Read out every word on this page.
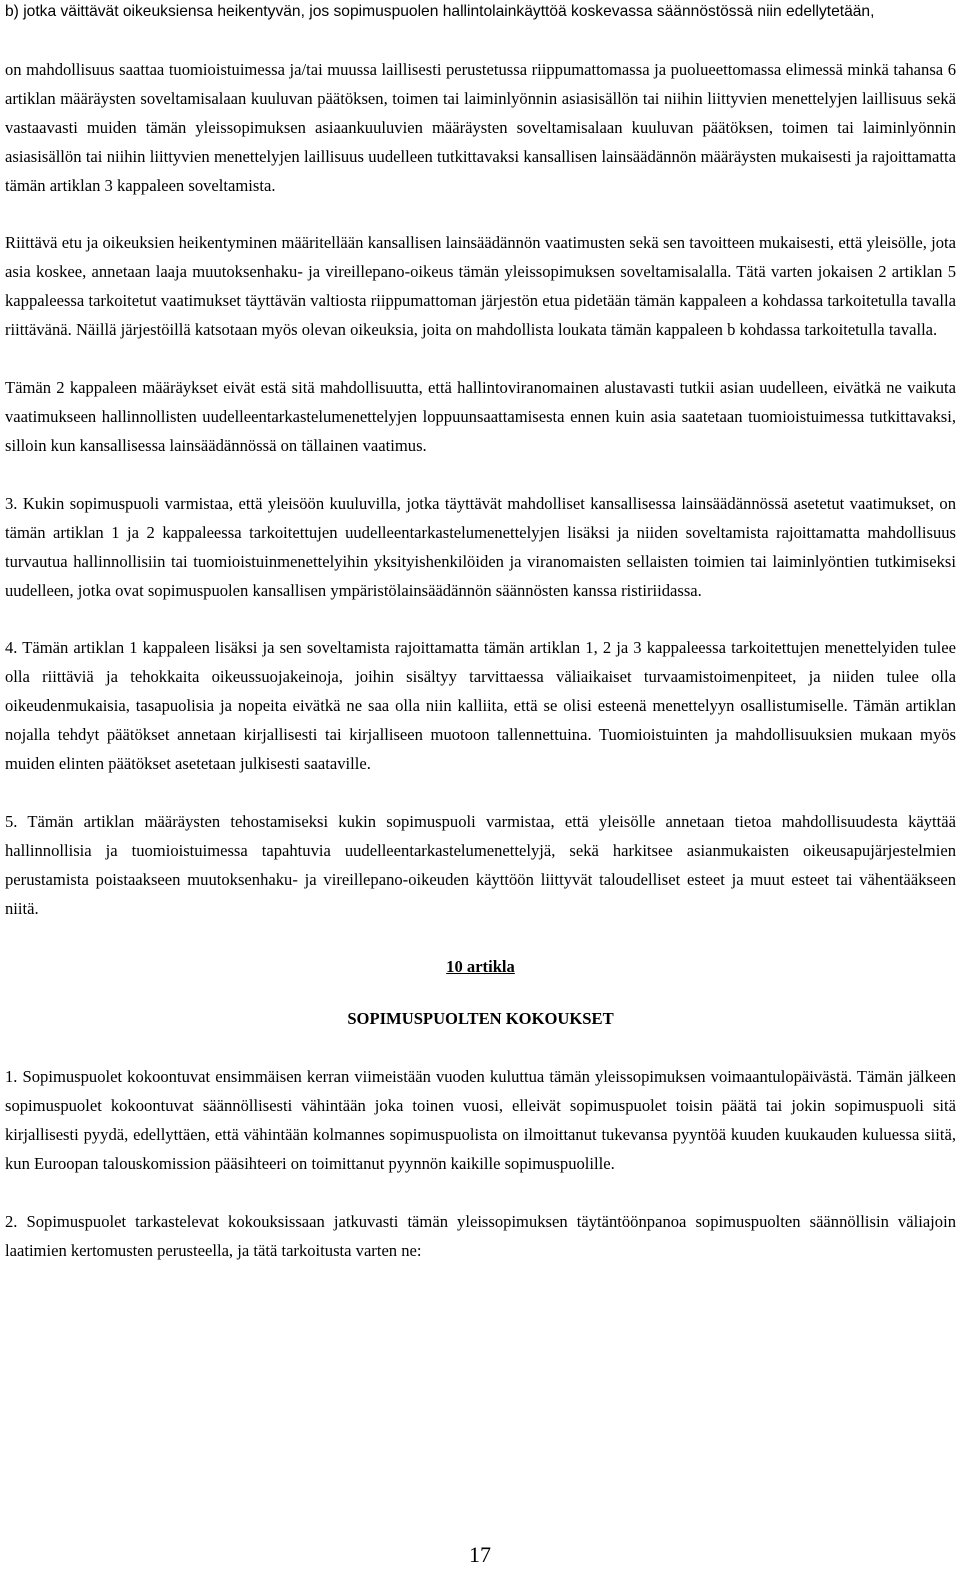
b) jotka väittävät oikeuksiensa heikentyvän, jos sopimuspuolen hallintolainkäyttöä koskevassa säännöstössä niin edellytetään,

on mahdollisuus saattaa tuomioistuimessa ja/tai muussa laillisesti perustetussa riippumattomassa ja puolueettomassa elimessä minkä tahansa 6 artiklan määräysten soveltamisalaan kuuluvan päätöksen, toimen tai laiminlyönnin asiasisällön tai niihin liittyvien menettelyjen laillisuus sekä vastaavasti muiden tämän yleissopimuksen asiaankuuluvien määräysten soveltamisalaan kuuluvan päätöksen, toimen tai laiminlyönnin asiasisällön tai niihin liittyvien menettelyjen laillisuus uudelleen tutkittavaksi kansallisen lainsäädännön määräysten mukaisesti ja rajoittamatta tämän artiklan 3 kappaleen soveltamista.

Riittävä etu ja oikeuksien heikentyminen määritellään kansallisen lainsäädännön vaatimusten sekä sen tavoitteen mukaisesti, että yleisölle, jota asia koskee, annetaan laaja muutoksenhaku- ja vireillepano-oikeus tämän yleissopimuksen soveltamisalalla. Tätä varten jokaisen 2 artiklan 5 kappaleessa tarkoitetut vaatimukset täyttävän valtiosta riippumattoman järjestön etua pidetään tämän kappaleen a kohdassa tarkoitetulla tavalla riittävänä. Näillä järjestöillä katsotaan myös olevan oikeuksia, joita on mahdollista loukata tämän kappaleen b kohdassa tarkoitetulla tavalla.

Tämän 2 kappaleen määräykset eivät estä sitä mahdollisuutta, että hallintoviranomainen alustavasti tutkii asian uudelleen, eivätkä ne vaikuta vaatimukseen hallinnollisten uudelleentarkastelumenettelyjen loppuunsaattamisesta ennen kuin asia saatetaan tuomioistuimessa tutkittavaksi, silloin kun kansallisessa lainsäädännössä on tällainen vaatimus.

3. Kukin sopimuspuoli varmistaa, että yleisöön kuuluvilla, jotka täyttävät mahdolliset kansallisessa lainsäädännössä asetetut vaatimukset, on tämän artiklan 1 ja 2 kappaleessa tarkoitettujen uudelleentarkastelumenettelyjen lisäksi ja niiden soveltamista rajoittamatta mahdollisuus turvautua hallinnollisiin tai tuomioistuinmenettelyihin yksityishenkilöiden ja viranomaisten sellaisten toimien tai laiminlyöntien tutkimiseksi uudelleen, jotka ovat sopimuspuolen kansallisen ympäristölainsäädännön säännösten kanssa ristiriidassa.

4. Tämän artiklan 1 kappaleen lisäksi ja sen soveltamista rajoittamatta tämän artiklan 1, 2 ja 3 kappaleessa tarkoitettujen menettelyiden tulee olla riittäviä ja tehokkaita oikeussuojakeinoja, joihin sisältyy tarvittaessa väliaikaiset turvaamistoimenpiteet, ja niiden tulee olla oikeudenmukaisia, tasapuolisia ja nopeita eivätkä ne saa olla niin kalliita, että se olisi esteenä menettelyyn osallistumiselle. Tämän artiklan nojalla tehdyt päätökset annetaan kirjallisesti tai kirjalliseen muotoon tallennettuina. Tuomioistuinten ja mahdollisuuksien mukaan myös muiden elinten päätökset asetetaan julkisesti saataville.

5. Tämän artiklan määräysten tehostamiseksi kukin sopimuspuoli varmistaa, että yleisölle annetaan tietoa mahdollisuudesta käyttää hallinnollisia ja tuomioistuimessa tapahtuvia uudelleentarkastelumenettelyjä, sekä harkitsee asianmukaisten oikeusapujärjestelmien perustamista poistaakseen muutoksenhaku- ja vireillepano-oikeuden käyttöön liittyvät taloudelliset esteet ja muut esteet tai vähentääkseen niitä.

10 artikla

SOPIMUSPUOLTEN KOKOUKSET

1. Sopimuspuolet kokoontuvat ensimmäisen kerran viimeistään vuoden kuluttua tämän yleissopimuksen voimaantulopäivästä. Tämän jälkeen sopimuspuolet kokoontuvat säännöllisesti vähintään joka toinen vuosi, elleivät sopimuspuolet toisin päätä tai jokin sopimuspuoli sitä kirjallisesti pyydä, edellyttäen, että vähintään kolmannes sopimuspuolista on ilmoittanut tukevansa pyyntöä kuuden kuukauden kuluessa siitä, kun Euroopan talouskomission pääsihteeri on toimittanut pyynnön kaikille sopimuspuolille.

2. Sopimuspuolet tarkastelevat kokouksissaan jatkuvasti tämän yleissopimuksen täytäntöönpanoa sopimuspuolten säännöllisin väliajoin laatimien kertomusten perusteella, ja tätä tarkoitusta varten ne:

17
